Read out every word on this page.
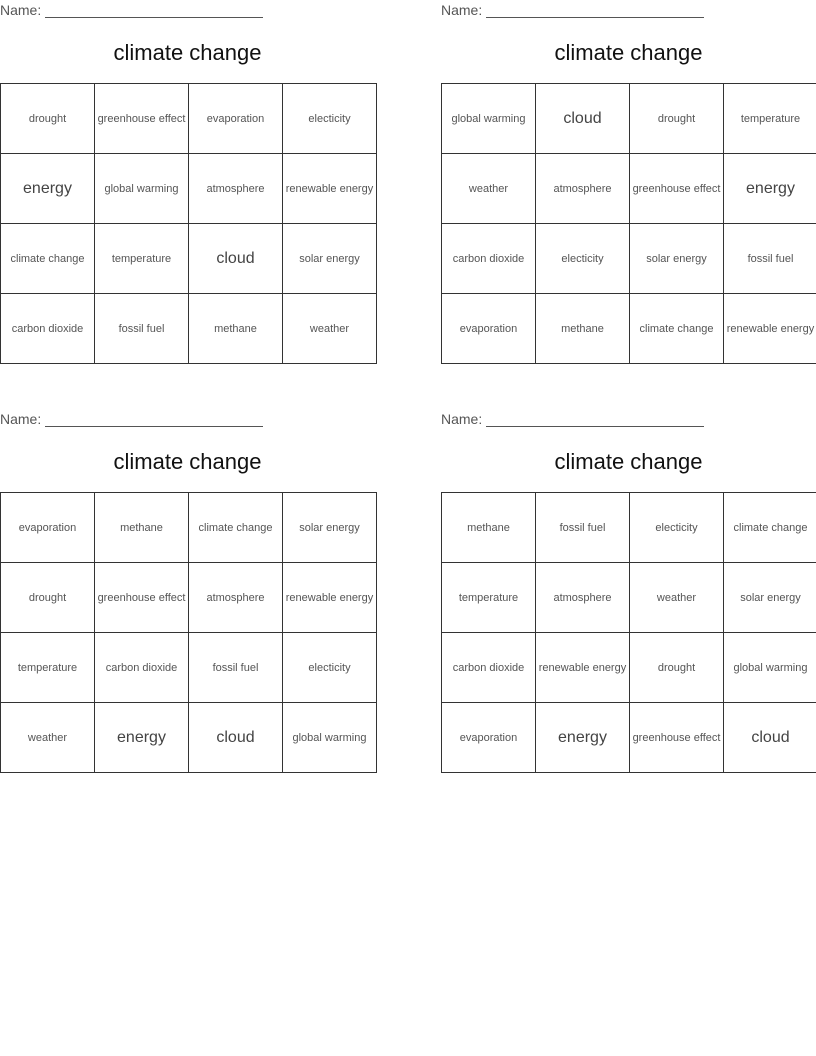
Name:
climate change
drought	greenhouse effect	evaporation	electicity
energy	global warming	atmosphere	renewable energy
climate change	temperature	cloud	solar energy
carbon dioxide	fossil fuel	methane	weather
Name:
climate change
global warming	cloud	drought	temperature
weather	atmosphere	greenhouse effect	energy
carbon dioxide	electicity	solar energy	fossil fuel
evaporation	methane	climate change	renewable energy
Name:
climate change
evaporation	methane	climate change	solar energy
drought	greenhouse effect	atmosphere	renewable energy
temperature	carbon dioxide	fossil fuel	electicity
weather	energy	cloud	global warming
Name:
climate change
methane	fossil fuel	electicity	climate change
temperature	atmosphere	weather	solar energy
carbon dioxide	renewable energy	drought	global warming
evaporation	energy	greenhouse effect	cloud
